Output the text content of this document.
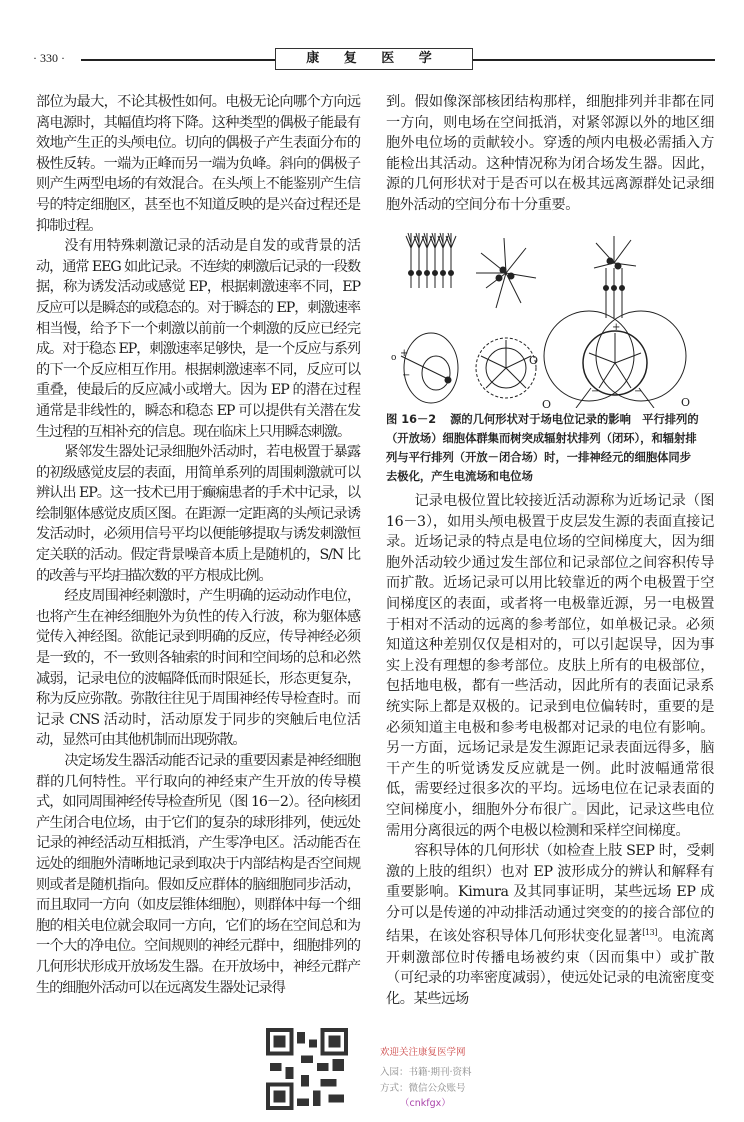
· 330 ·	康 复 医 学
❖

部位为最大，不论其极性如何。电极无论向哪个方向远离电源时，其幅值均将下降。这种类型的偶极子能最有效地产生正的头颅电位。切向的偶极子产生表面分布的极性反转。一端为正峰而另一端为负峰。斜向的偶极子则产生两型电场的有效混合。在头颅上不能鉴别产生信号的特定细胞区，甚至也不知道反映的是兴奋过程还是抑制过程。

没有用特殊刺激记录的活动是自发的或背景的活动，通常 EEG 如此记录。不连续的刺激后记录的一段数据，称为诱发活动或感觉 EP，根据刺激速率不同，EP 反应可以是瞬态的或稳态的。对于瞬态的 EP，刺激速率相当慢，给予下一个刺激以前前一个刺激的反应已经完成。对于稳态 EP，刺激速率足够快，是一个反应与系列的下一个反应相互作用。根据刺激速率不同，反应可以重叠，使最后的反应减小或增大。因为 EP 的潜在过程通常是非线性的，瞬态和稳态 EP 可以提供有关潜在发生过程的互相补充的信息。现在临床上只用瞬态刺激。

紧邻发生器处记录细胞外活动时，若电极置于暴露的初级感觉皮层的表面，用简单系列的周围刺激就可以辨认出 EP。这一技术已用于癫痫患者的手术中记录，以绘制躯体感觉皮质区图。在距源一定距离的头颅记录诱发活动时，必须用信号平均以便能够提取与诱发刺激恒定关联的活动。假定背景噪音本质上是随机的，S/N 比的改善与平均扫描次数的平方根成比例。

经皮周围神经刺激时，产生明确的运动动作电位，也将产生在神经细胞外为负性的传入行波，称为躯体感觉传入神经图。欲能记录到明确的反应，传导神经必须是一致的，不一致则各轴索的时间和空间场的总和必然减弱，记录电位的波幅降低而时限延长，形态更复杂，称为反应弥散。弥散往往见于周围神经传导检查时。而记录 CNS 活动时，活动原发于同步的突触后电位活动，显然可由其他机制而出现弥散。

决定场发生器活动能否记录的重要因素是神经细胞群的几何特性。平行取向的神经束产生开放的传导模式，如同周围神经传导检查所见（图 16－2）。径向核团产生闭合电位场，由于它们的复杂的球形排列，使远处记录的神经活动互相抵消，产生零净电区。活动能否在远处的细胞外清晰地记录到取决于内部结构是否空间规则或者是随机指向。假如反应群体的脑细胞同步活动，而且取同一方向（如皮层锥体细胞），则群体中每一个细胞的相关电位就会取同一方向，它们的场在空间总和为一个大的净电位。空间规则的神经元群中，细胞排列的几何形状形成开放场发生器。在开放场中，神经元群产生的细胞外活动可以在远离发生器处记录得

到。假如像深部核团结构那样，细胞排列并非都在同一方向，则电场在空间抵消，对紧邻源以外的地区细胞外电位场的贡献较小。穿透的颅内电极必需插入方能检出其活动。这种情况称为闭合场发生器。因此，源的几何形状对于是否可以在极其远离源群处记录细胞外活动的空间分布十分重要。

o +
−
O
+
−	−
O	O
图 16－2 源的几何形状对于场电位记录的影响　平行排列的（开放场）细胞体群集而树突成辐射状排列（闭环），和辐射排列与平行排列（开放－闭合场）时，一排神经元的细胞体同步去极化，产生电流场和电位场

记录电极位置比较接近活动源称为近场记录（图 16－3），如用头颅电极置于皮层发生源的表面直接记录。近场记录的特点是电位场的空间梯度大，因为细胞外活动较少通过发生部位和记录部位之间容积传导而扩散。近场记录可以用比较靠近的两个电极置于空间梯度区的表面，或者将一电极靠近源，另一电极置于相对不活动的远离的参考部位，如单极记录。必须知道这种差别仅仅是相对的，可以引起误导，因为事实上没有理想的参考部位。皮肤上所有的电极部位，包括地电极，都有一些活动，因此所有的表面记录系统实际上都是双极的。记录到电位偏转时，重要的是必须知道主电极和参考电极都对记录的电位有影响。另一方面，远场记录是发生源距记录表面远得多，脑干产生的听觉诱发反应就是一例。此时波幅通常很低，需要经过很多次的平均。远场电位在记录表面的空间梯度小，细胞外分布很广。因此，记录这些电位需用分离很远的两个电极以检测和采样空间梯度。

容积导体的几何形状（如检查上肢 SEP 时，受刺激的上肢的组织）也对 EP 波形成分的辨认和解释有重要影响。Kimura 及其同事证明，某些远场 EP 成分可以是传递的冲动排活动通过突变的的接合部位的结果，在该处容积导体几何形状变化显著[13]。电流离开刺激部位时传播电场被约束（因而集中）或扩散（可纪录的功率密度减弱），使远处记录的电流密度变化。某些远场

欢迎关注康复医学网
入园：书籍·期刊·资料
方式：微信公众账号
（cnkfgx）
